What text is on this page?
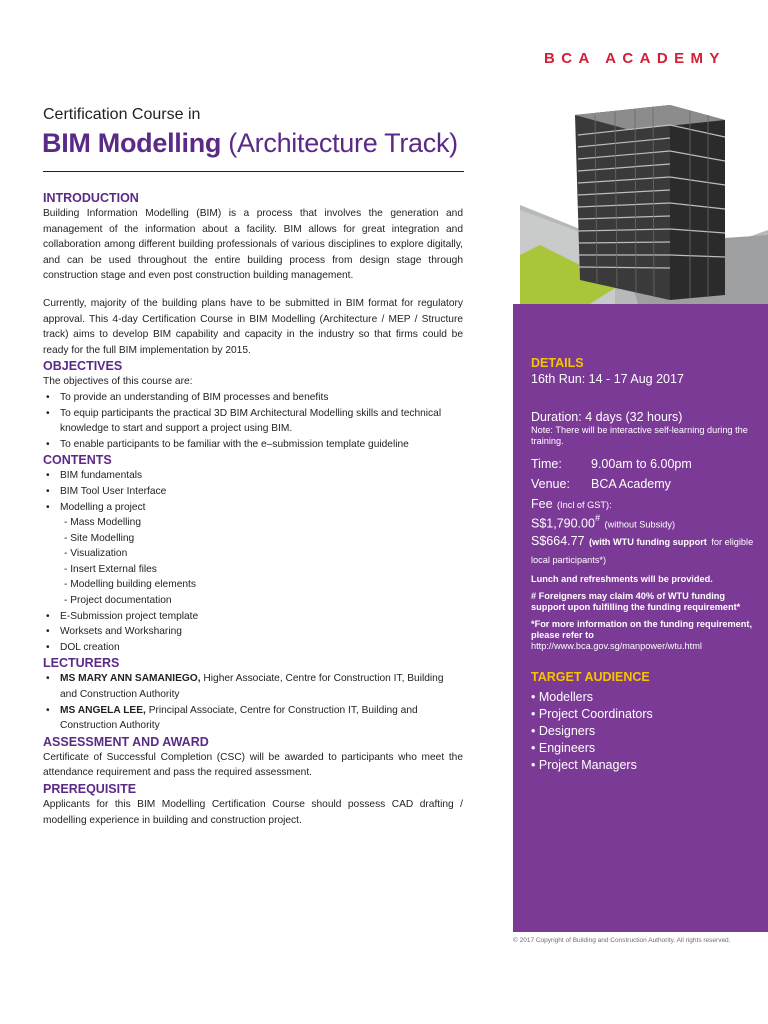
BCA ACADEMY
Certification Course in
BIM Modelling (Architecture Track)
INTRODUCTION

Building Information Modelling (BIM) is a process that involves the generation and management of the information about a facility. BIM allows for great integration and collaboration among different building professionals of various disciplines to explore digitally, and can be used throughout the entire building process from design stage through construction stage and even post construction building management.

Currently, majority of the building plans have to be submitted in BIM format for regulatory approval. This 4-day Certification Course in BIM Modelling (Architecture / MEP / Structure track) aims to develop BIM capability and capacity in the industry so that firms could be ready for the full BIM implementation by 2015.

OBJECTIVES
The objectives of this course are:
• To provide an understanding of BIM processes and benefits
• To equip participants the practical 3D BIM Architectural Modelling skills and technical knowledge to start and support a project using BIM.
• To enable participants to be familiar with the e–submission template guideline
CONTENTS
• BIM fundamentals
• BIM Tool User Interface
• Modelling a project
- Mass Modelling
- Site Modelling
- Visualization
- Insert External files
- Modelling building elements
- Project documentation
• E-Submission project template
• Worksets and Worksharing
• DOL creation
LECTURERS
• MS MARY ANN SAMANIEGO, Higher Associate, Centre for Construction IT, Building and Construction Authority
• MS ANGELA LEE, Principal Associate, Centre for Construction IT, Building and Construction Authority
ASSESSMENT AND AWARD

Certificate of Successful Completion (CSC) will be awarded to participants who meet the attendance requirement and pass the required assessment.

PREREQUISITE

Applicants for this BIM Modelling Certification Course should possess CAD drafting / modelling experience in building and construction project.

DETAILS
16th Run: 14 - 17 Aug 2017
Duration: 4 days (32 hours)
Note: There will be interactive self-learning during the training.
Time:	9.00am to 6.00pm
Venue:	BCA Academy
Fee (Incl of GST):
S$1,790.00# (without Subsidy)
S$664.77 (with WTU funding support for eligible local participants*)
Lunch and refreshments will be provided.
# Foreigners may claim 40% of WTU funding support upon fulfilling the funding requirement*
*For more information on the funding requirement, please refer to
http://www.bca.gov.sg/manpower/wtu.html
TARGET AUDIENCE
• Modellers
• Project Coordinators
• Designers
• Engineers
• Project Managers
© 2017 Copyright of Building and Construction Authority. All rights reserved.
